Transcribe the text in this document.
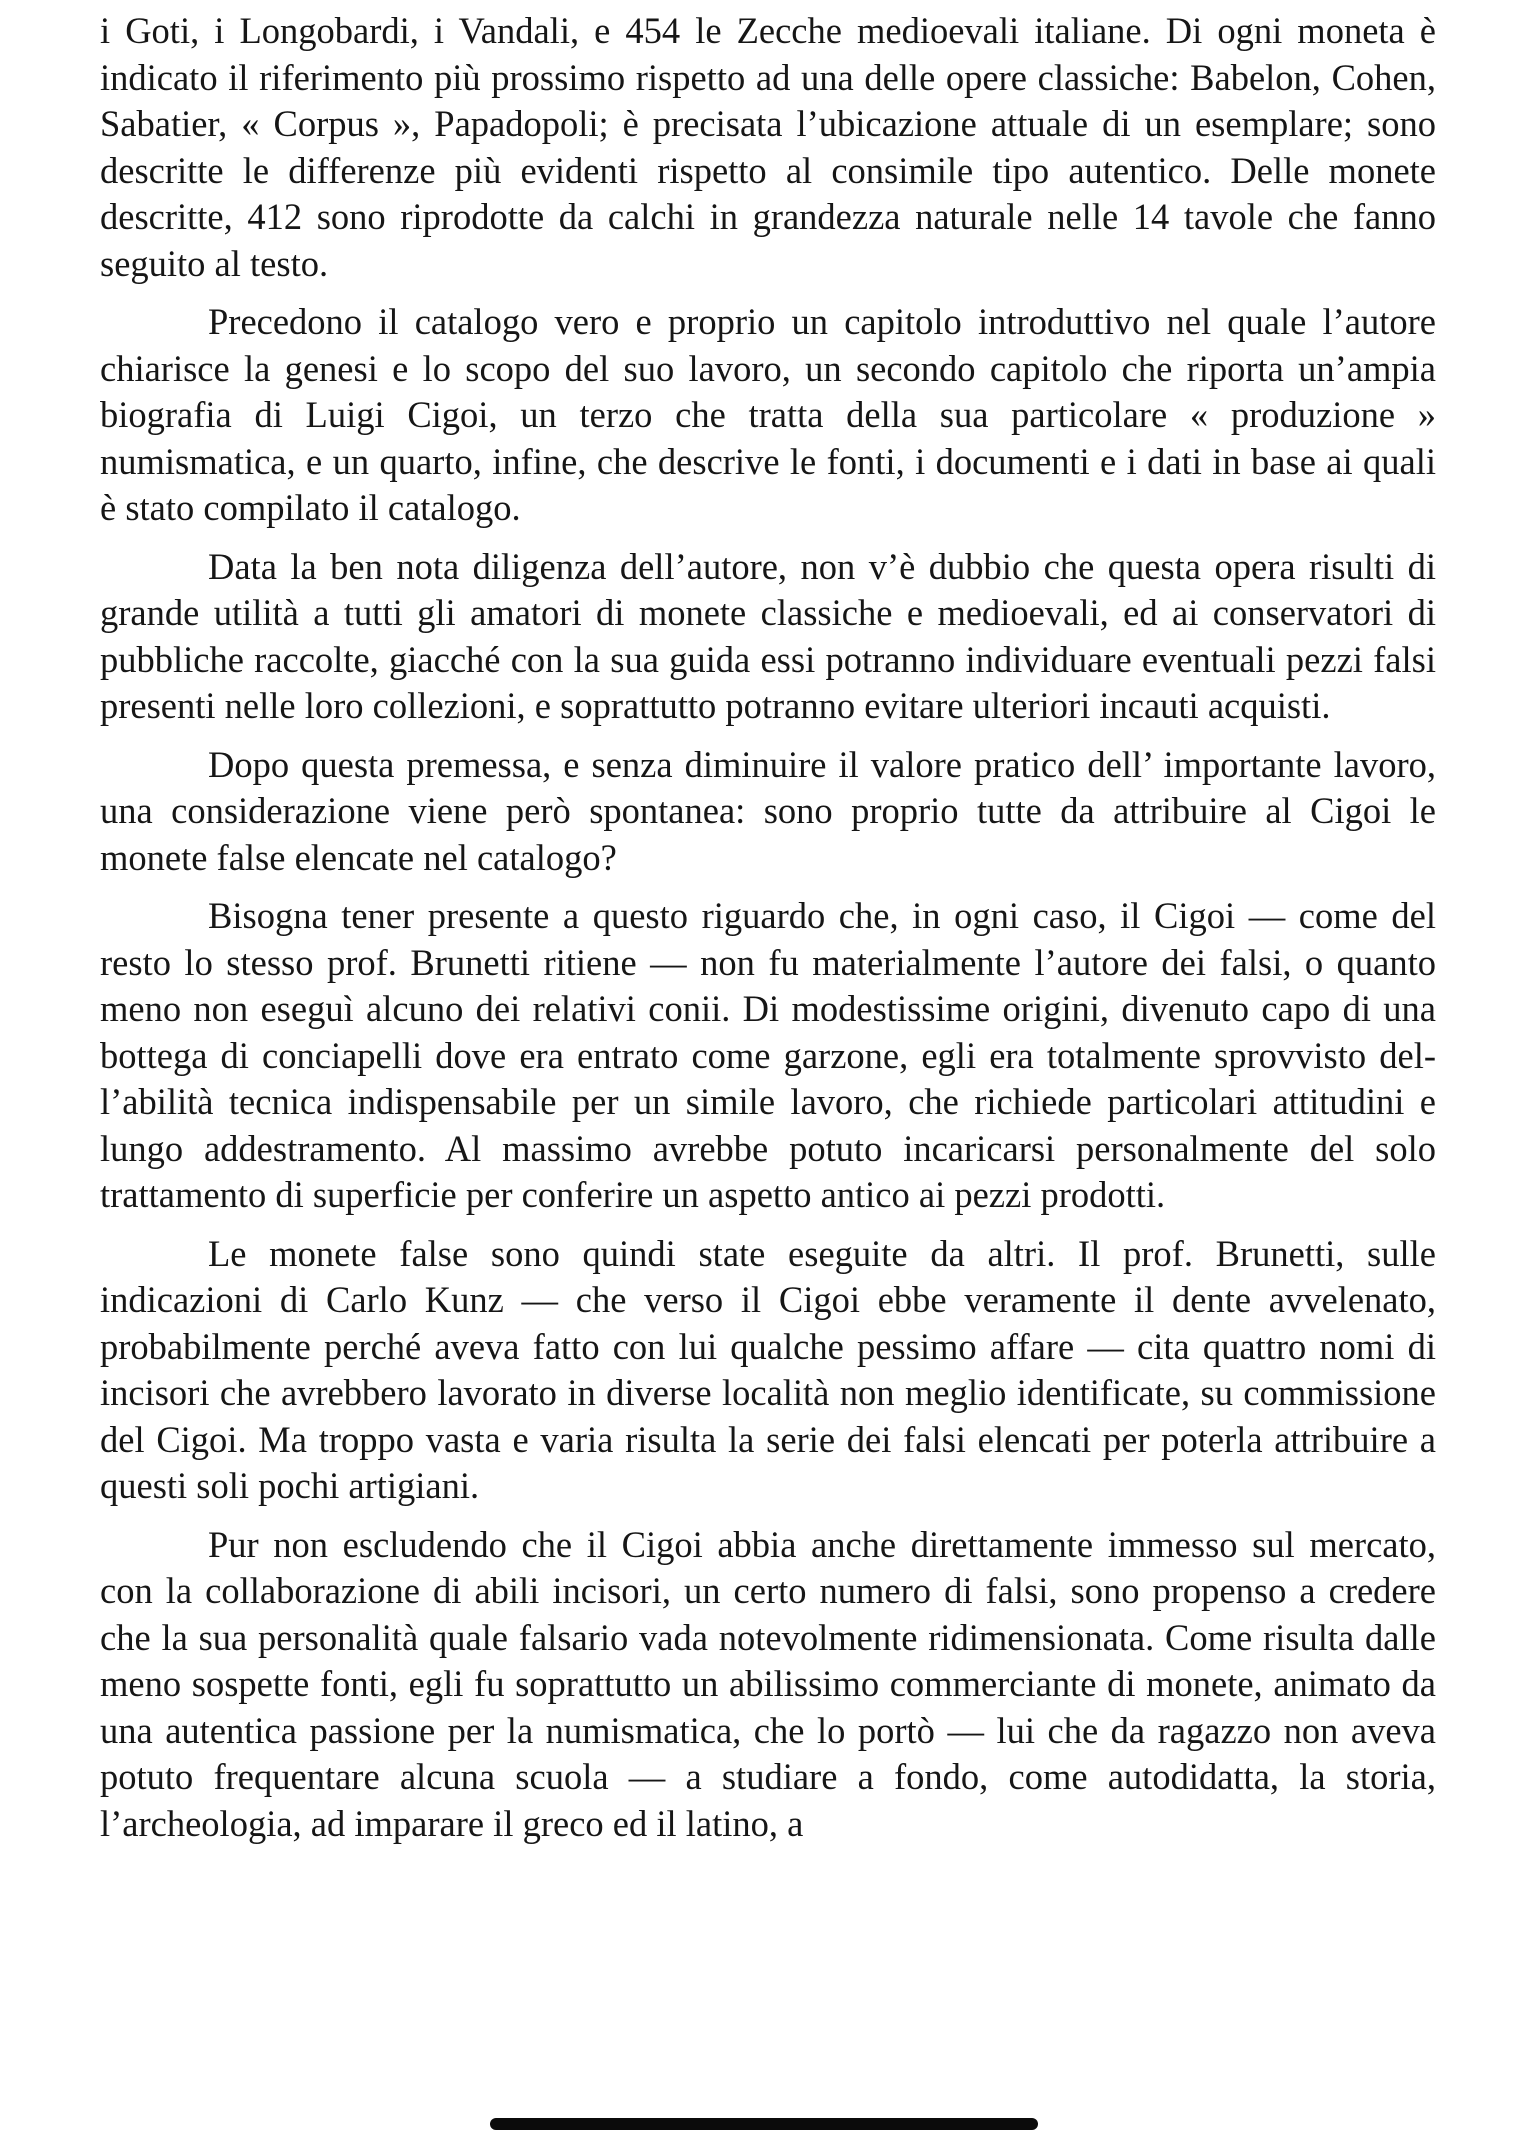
i Goti, i Longobardi, i Vandali, e 454 le Zecche medioevali italiane. Di ogni moneta è indicato il riferimento più prossimo rispetto ad una delle opere classiche: Babelon, Cohen, Sabatier, « Corpus », Papadopoli; è precisata l’ubicazione attuale di un esemplare; sono descritte le differenze più evidenti rispetto al consimile tipo autentico. Delle monete descritte, 412 sono riprodotte da calchi in grandezza naturale nelle 14 tavole che fanno seguito al testo.

Precedono il catalogo vero e proprio un capitolo introduttivo nel quale l’autore chiarisce la genesi e lo scopo del suo lavoro, un secondo capitolo che riporta un’ampia biografia di Luigi Cigoi, un terzo che tratta della sua particolare « produzione » numismatica, e un quarto, infine, che descrive le fonti, i documenti e i dati in base ai quali è stato compilato il catalogo.

Data la ben nota diligenza dell’autore, non v’è dubbio che questa opera risulti di grande utilità a tutti gli amatori di monete classiche e medioevali, ed ai conservatori di pubbliche raccolte, giacché con la sua guida essi potranno individuare eventuali pezzi falsi presenti nelle loro collezioni, e soprattutto potranno evitare ulteriori incauti acquisti.

Dopo questa premessa, e senza diminuire il valore pratico dell’ importante lavoro, una considerazione viene però spontanea: sono proprio tutte da attribuire al Cigoi le monete false elencate nel catalogo?

Bisogna tener presente a questo riguardo che, in ogni caso, il Cigoi — come del resto lo stesso prof. Brunetti ritiene — non fu materialmente l’autore dei falsi, o quanto meno non eseguì alcuno dei relativi conii. Di modestissime origini, divenuto capo di una bottega di conciapelli dove era entrato come garzone, egli era totalmente sprovvisto dell’abilità tecnica indispensabile per un simile lavoro, che richiede particolari attitudini e lungo addestramento. Al massimo avrebbe potuto incaricarsi personalmente del solo trattamento di superficie per conferire un aspetto antico ai pezzi prodotti.

Le monete false sono quindi state eseguite da altri. Il prof. Brunetti, sulle indicazioni di Carlo Kunz — che verso il Cigoi ebbe veramente il dente avvelenato, probabilmente perché aveva fatto con lui qualche pessimo affare — cita quattro nomi di incisori che avrebbero lavorato in diverse località non meglio identificate, su commissione del Cigoi. Ma troppo vasta e varia risulta la serie dei falsi elencati per poterla attribuire a questi soli pochi artigiani.

Pur non escludendo che il Cigoi abbia anche direttamente immesso sul mercato, con la collaborazione di abili incisori, un certo numero di falsi, sono propenso a credere che la sua personalità quale falsario vada notevolmente ridimensionata. Come risulta dalle meno sospette fonti, egli fu soprattutto un abilissimo commerciante di monete, animato da una autentica passione per la numismatica, che lo portò — lui che da ragazzo non aveva potuto frequentare alcuna scuola — a studiare a fondo, come autodidatta, la storia, l’archeologia, ad imparare il greco ed il latino, a
